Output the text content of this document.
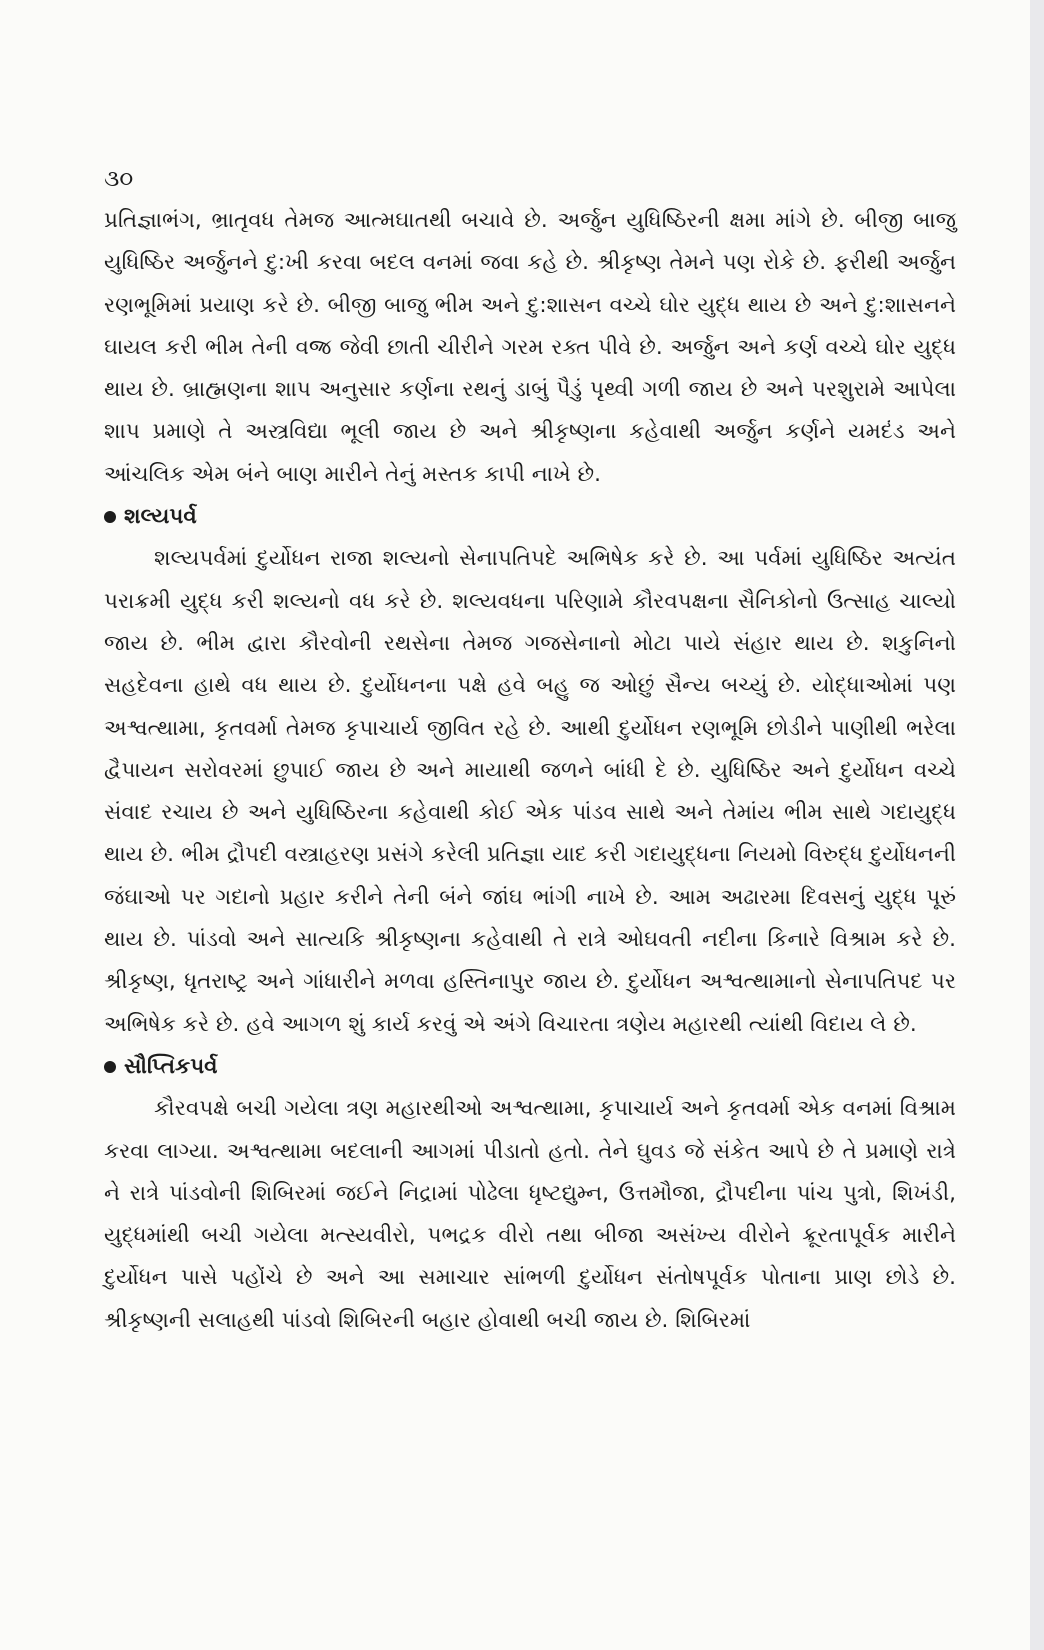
૩૦

પ્રતિજ્ઞાભંગ, ભ્રાતૃવધ તેમજ આત્મઘાતથી બચાવે છે. અર્જુન યુધિષ્ઠિરની ક્ષમા માંગે છે. બીજી બાજુ યુધિષ્ઠિર અર્જુનને દુ:ખી કરવા બદલ વનમાં જવા કહે છે. શ્રીકૃષ્ણ તેમને પણ રોકે છે. ફરીથી અર્જુન રણભૂમિમાં પ્રયાણ કરે છે. બીજી બાજુ ભીમ અને દુ:શાસન વચ્ચે ઘોર યુદ્ધ થાય છે અને દુ:શાસનને ઘાયલ કરી ભીમ તેની વજ્ર જેવી છાતી ચીરીને ગરમ રક્ત પીવે છે. અર્જુન અને કર્ણ વચ્ચે ઘોર યુદ્ધ થાય છે. બ્રાહ્મણના શાપ અનુસાર કર્ણના રથનું ડાબું પૈડું પૃથ્વી ગળી જાય છે અને પરશુરામે આપેલા શાપ પ્રમાણે તે અસ્ત્રવિદ્યા ભૂલી જાય છે અને શ્રીકૃષ્ણના કહેવાથી અર્જુન કર્ણને યમદંડ અને આંચલિક એમ બંને બાણ મારીને તેનું મસ્તક કાપી નાખે છે.

શલ્યપર્વ

શલ્યપર્વમાં દુર્યોધન રાજા શલ્યનો સેનાપતિપદે અભિષેક કરે છે. આ પર્વમાં યુધિષ્ઠિર અત્યંત પરાક્રમી યુદ્ધ કરી શલ્યનો વધ કરે છે. શલ્યવધના પરિણામે કૌરવપક્ષના સૈનિકોનો ઉત્સાહ ચાલ્યો જાય છે. ભીમ દ્વારા કૌરવોની રથસેના તેમજ ગજસેનાનો મોટા પાયે સંહાર થાય છે. શકુનિનો સહદેવના હાથે વધ થાય છે. દુર્યોધનના પક્ષે હવે બહુ જ ઓછું સૈન્ય બચ્યું છે. યોદ્ધાઓમાં પણ અશ્વત્થામા, કૃતવર્મા તેમજ કૃપાચાર્ય જીવિત રહે છે. આથી દુર્યોધન રણભૂમિ છોડીને પાણીથી ભરેલા દ્વૈપાયન સરોવરમાં છુપાઈ જાય છે અને માયાથી જળને બાંધી દે છે. યુધિષ્ઠિર અને દુર્યોધન વચ્ચે સંવાદ રચાય છે અને યુધિષ્ઠિરના કહેવાથી કોઈ એક પાંડવ સાથે અને તેમાંય ભીમ સાથે ગદાયુદ્ધ થાય છે. ભીમ દ્રૌપદી વસ્ત્રાહરણ પ્રસંગે કરેલી પ્રતિજ્ઞા યાદ કરી ગદાયુદ્ધના નિયમો વિરુદ્ધ દુર્યોધનની જંઘાઓ પર ગદાનો પ્રહાર કરીને તેની બંને જાંઘ ભાંગી નાખે છે. આમ અઢારમા દિવસનું યુદ્ધ પૂરું થાય છે. પાંડવો અને સાત્યકિ શ્રીકૃષ્ણના કહેવાથી તે રાત્રે ઓઘવતી નદીના કિનારે વિશ્રામ કરે છે. શ્રીકૃષ્ણ, ધૃતરાષ્ટ્ર અને ગાંધારીને મળવા હસ્તિનાપુર જાય છે. દુર્યોધન અશ્વત્થામાનો સેનાપતિપદ પર અભિષેક કરે છે. હવે આગળ શું કાર્ય કરવું એ અંગે વિચારતા ત્રણેય મહારથી ત્યાંથી વિદાય લે છે.

સૌપ્તિકપર્વ

કૌરવપક્ષે બચી ગયેલા ત્રણ મહારથીઓ અશ્વત્થામા, કૃપાચાર્ય અને કૃતવર્મા એક વનમાં વિશ્રામ કરવા લાગ્યા. અશ્વત્થામા બદલાની આગમાં પીડાતો હતો. તેને ઘુવડ જે સંકેત આપે છે તે પ્રમાણે રાત્રે ને રાત્રે પાંડવોની શિબિરમાં જઈને નિદ્રામાં પોઢેલા ધૃષ્ટદ્યુમ્ન, ઉત્તમૌજા, દ્રૌપદીના પાંચ પુત્રો, શિખંડી, યુદ્ધમાંથી બચી ગયેલા મત્સ્યવીરો, પભદ્રક વીરો તથા બીજા અસંખ્ય વીરોને ક્રૂરતાપૂર્વક મારીને દુર્યોધન પાસે પહોંચે છે અને આ સમાચાર સાંભળી દુર્યોધન સંતોષપૂર્વક પોતાના પ્રાણ છોડે છે. શ્રીકૃષ્ણની સલાહથી પાંડવો શિબિરની બહાર હોવાથી બચી જાય છે. શિબિરમાં
